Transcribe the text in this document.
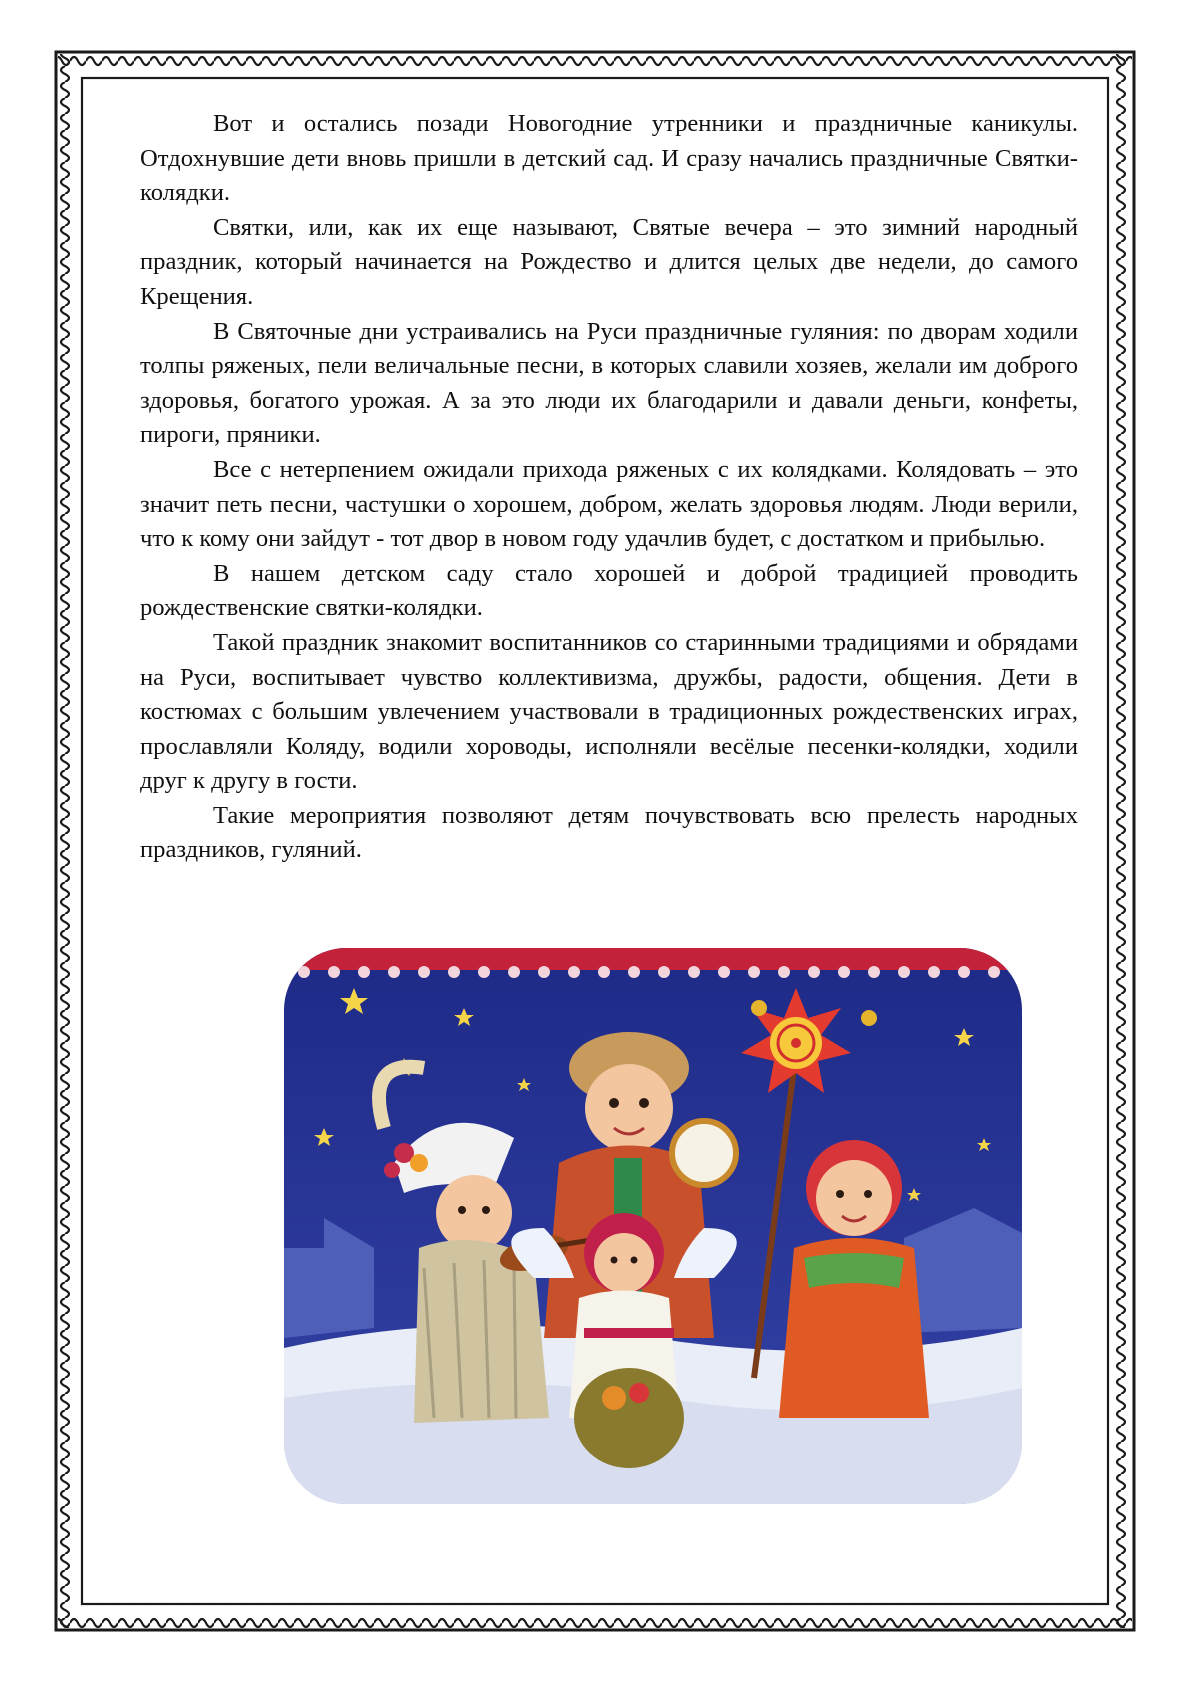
Вот и остались позади Новогодние утренники и праздничные каникулы. Отдохнувшие дети вновь пришли в детский сад. И сразу начались праздничные Святки-колядки.

Святки, или, как их еще называют, Святые вечера – это зимний народный праздник, который начинается на Рождество и длится целых две недели, до самого Крещения.

В Святочные дни устраивались на Руси праздничные гуляния: по дворам ходили толпы ряженых, пели величальные песни, в которых славили хозяев, желали им доброго здоровья, богатого урожая. А за это люди их благодарили и давали деньги, конфеты, пироги, пряники.

Все с нетерпением ожидали прихода ряженых с их колядками. Колядовать – это значит петь песни, частушки о хорошем, добром, желать здоровья людям. Люди верили, что к кому они зайдут - тот двор в новом году удачлив будет, с достатком и прибылью.

В нашем детском саду стало хорошей и доброй традицией проводить рождественские святки-колядки.

Такой праздник знакомит воспитанников со старинными традициями и обрядами на Руси, воспитывает чувство коллективизма, дружбы, радости, общения. Дети в костюмах с большим увлечением участвовали в традиционных рождественских играх, прославляли Коляду, водили хороводы, исполняли весёлые песенки-колядки, ходили друг к другу в гости.

Такие мероприятия позволяют детям почувствовать всю прелесть народных праздников, гуляний.
